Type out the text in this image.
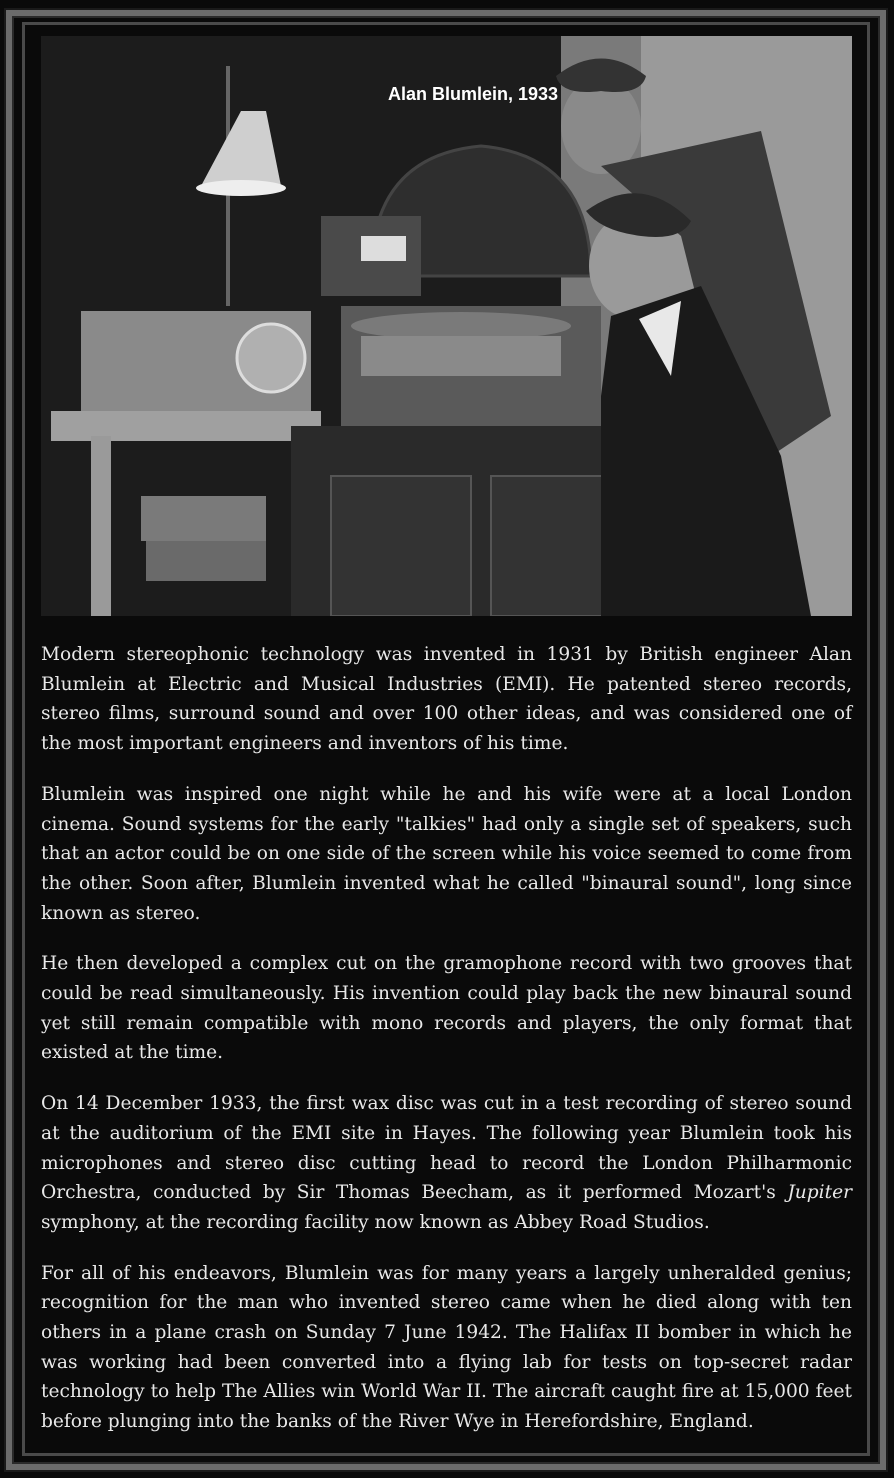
Alan Blumlein, 1933

Modern stereophonic technology was invented in 1931 by British engineer Alan Blumlein at Electric and Musical Industries (EMI). He patented stereo records, stereo films, surround sound and over 100 other ideas, and was considered one of the most important engineers and inventors of his time.

Blumlein was inspired one night while he and his wife were at a local London cinema. Sound systems for the early "talkies" had only a single set of speakers, such that an actor could be on one side of the screen while his voice seemed to come from the other. Soon after, Blumlein invented what he called "binaural sound", long since known as stereo.

He then developed a complex cut on the gramophone record with two grooves that could be read simultaneously. His invention could play back the new binaural sound yet still remain compatible with mono records and players, the only format that existed at the time.

On 14 December 1933, the first wax disc was cut in a test recording of stereo sound at the auditorium of the EMI site in Hayes. The following year Blumlein took his microphones and stereo disc cutting head to record the London Philharmonic Orchestra, conducted by Sir Thomas Beecham, as it performed Mozart's Jupiter symphony, at the recording facility now known as Abbey Road Studios.

For all of his endeavors, Blumlein was for many years a largely unheralded genius; recognition for the man who invented stereo came when he died along with ten others in a plane crash on Sunday 7 June 1942. The Halifax II bomber in which he was working had been converted into a flying lab for tests on top-secret radar technology to help The Allies win World War II. The aircraft caught fire at 15,000 feet before plunging into the banks of the River Wye in Herefordshire, England.
